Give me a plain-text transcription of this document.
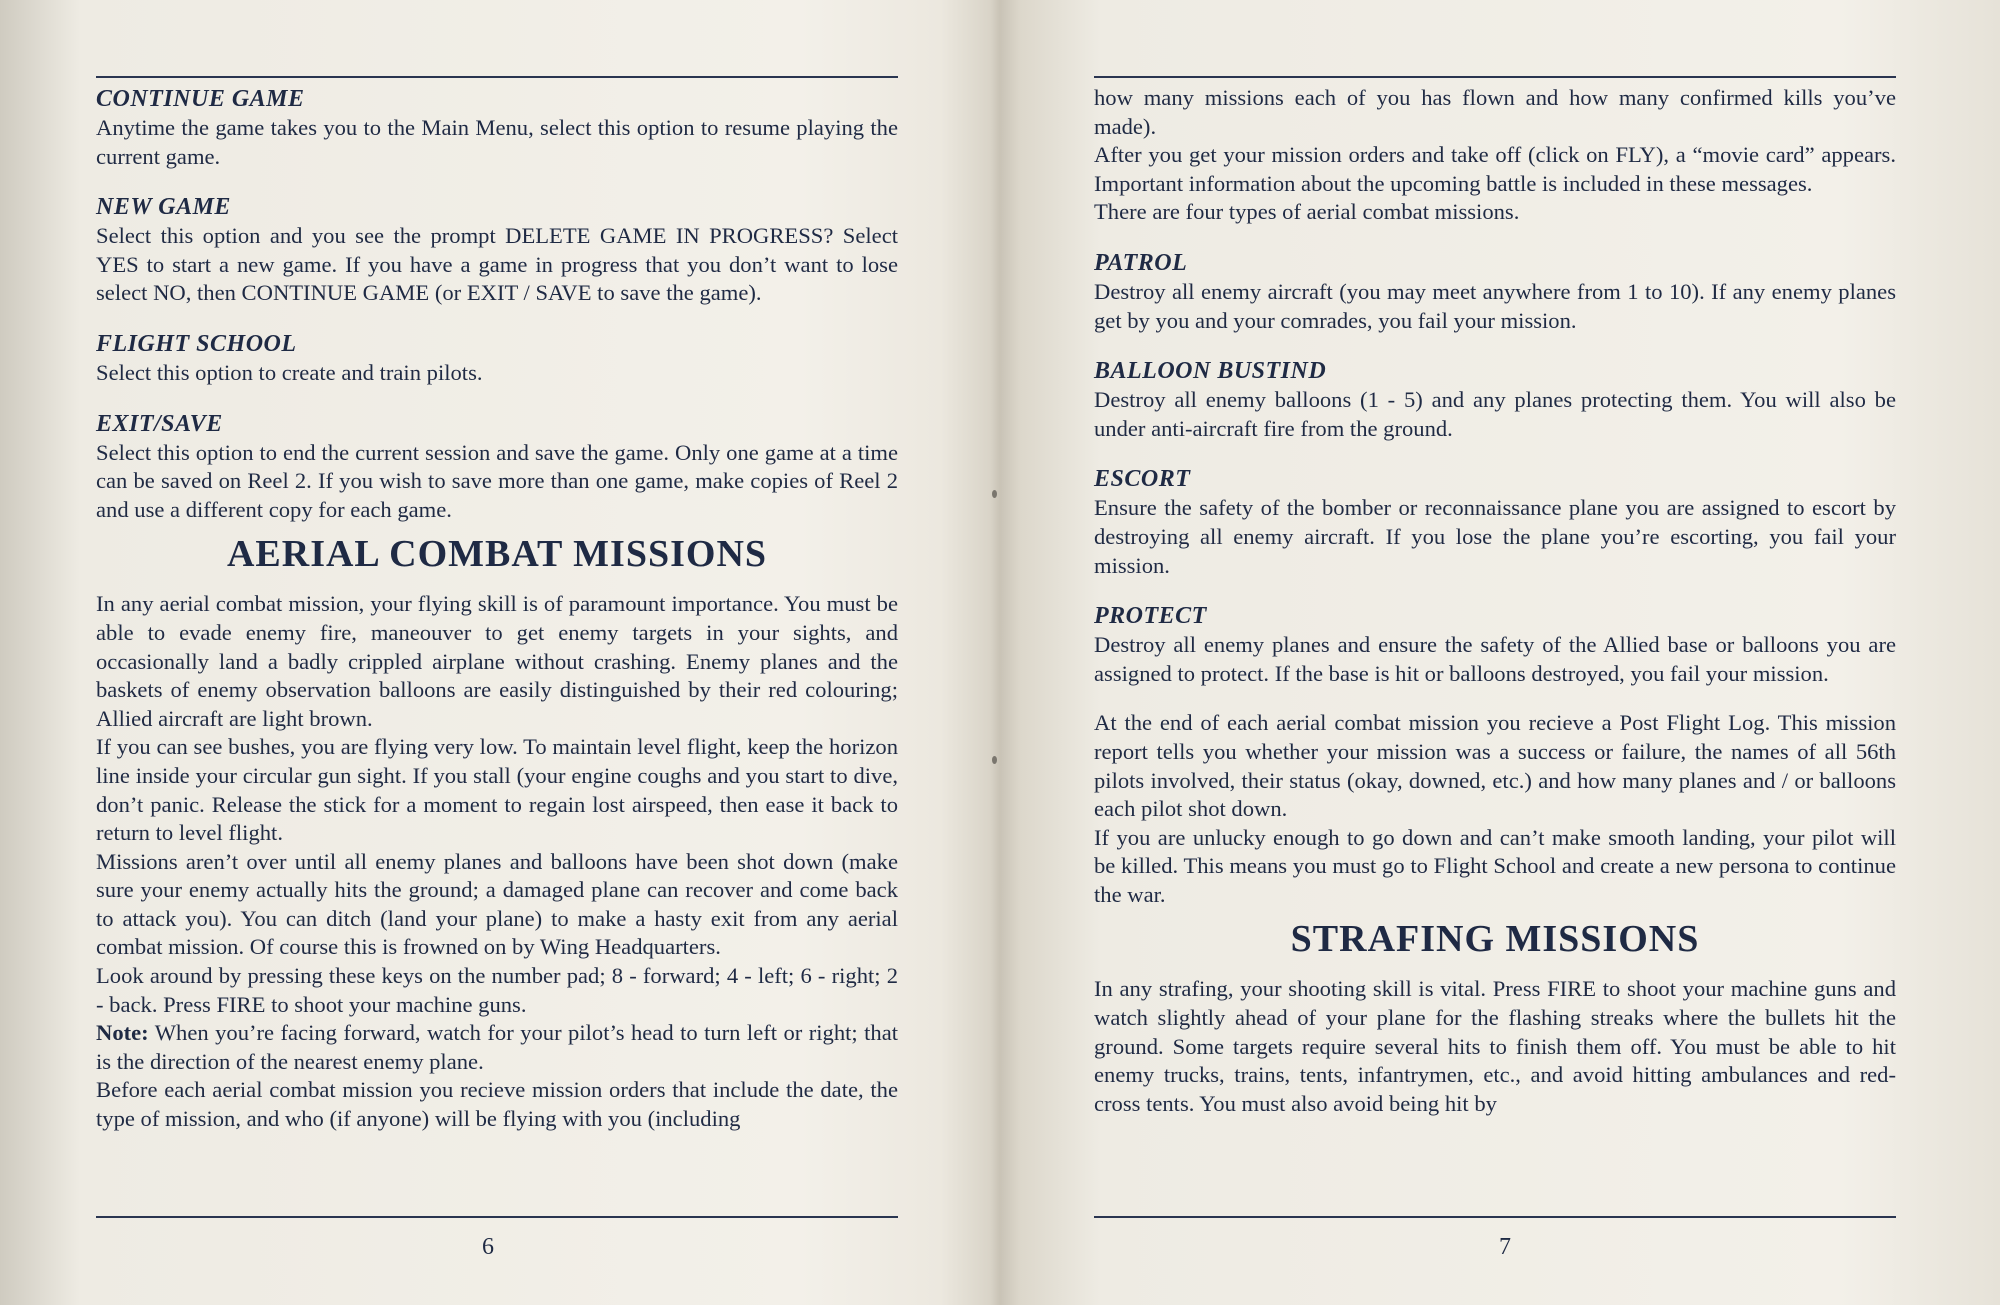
CONTINUE GAME

Anytime the game takes you to the Main Menu, select this option to resume playing the current game.

NEW GAME

Select this option and you see the prompt DELETE GAME IN PROGRESS? Select YES to start a new game. If you have a game in progress that you don’t want to lose select NO, then CONTINUE GAME (or EXIT / SAVE to save the game).

FLIGHT SCHOOL

Select this option to create and train pilots.

EXIT/SAVE

Select this option to end the current session and save the game. Only one game at a time can be saved on Reel 2. If you wish to save more than one game, make copies of Reel 2 and use a different copy for each game.

AERIAL COMBAT MISSIONS

In any aerial combat mission, your flying skill is of paramount importance. You must be able to evade enemy fire, maneouver to get enemy targets in your sights, and occasionally land a badly crippled airplane without crashing. Enemy planes and the baskets of enemy observation balloons are easily distinguished by their red colouring; Allied aircraft are light brown.

If you can see bushes, you are flying very low. To maintain level flight, keep the horizon line inside your circular gun sight. If you stall (your engine coughs and you start to dive, don’t panic. Release the stick for a moment to regain lost airspeed, then ease it back to return to level flight.

Missions aren’t over until all enemy planes and balloons have been shot down (make sure your enemy actually hits the ground; a damaged plane can recover and come back to attack you). You can ditch (land your plane) to make a hasty exit from any aerial combat mission. Of course this is frowned on by Wing Headquarters.

Look around by pressing these keys on the number pad; 8 - forward; 4 - left; 6 - right; 2 - back. Press FIRE to shoot your machine guns.

Note: When you’re facing forward, watch for your pilot’s head to turn left or right; that is the direction of the nearest enemy plane.

Before each aerial combat mission you recieve mission orders that include the date, the type of mission, and who (if anyone) will be flying with you (including

6

how many missions each of you has flown and how many confirmed kills you’ve made).

After you get your mission orders and take off (click on FLY), a “movie card” appears. Important information about the upcoming battle is included in these messages.

There are four types of aerial combat missions.

PATROL

Destroy all enemy aircraft (you may meet anywhere from 1 to 10). If any enemy planes get by you and your comrades, you fail your mission.

BALLOON BUSTIND

Destroy all enemy balloons (1 - 5) and any planes protecting them. You will also be under anti-aircraft fire from the ground.

ESCORT

Ensure the safety of the bomber or reconnaissance plane you are assigned to escort by destroying all enemy aircraft. If you lose the plane you’re escorting, you fail your mission.

PROTECT

Destroy all enemy planes and ensure the safety of the Allied base or balloons you are assigned to protect. If the base is hit or balloons destroyed, you fail your mission.

At the end of each aerial combat mission you recieve a Post Flight Log. This mission report tells you whether your mission was a success or failure, the names of all 56th pilots involved, their status (okay, downed, etc.) and how many planes and / or balloons each pilot shot down.

If you are unlucky enough to go down and can’t make smooth landing, your pilot will be killed. This means you must go to Flight School and create a new persona to continue the war.

STRAFING MISSIONS

In any strafing, your shooting skill is vital. Press FIRE to shoot your machine guns and watch slightly ahead of your plane for the flashing streaks where the bullets hit the ground. Some targets require several hits to finish them off. You must be able to hit enemy trucks, trains, tents, infantrymen, etc., and avoid hitting ambulances and red-cross tents. You must also avoid being hit by

7
